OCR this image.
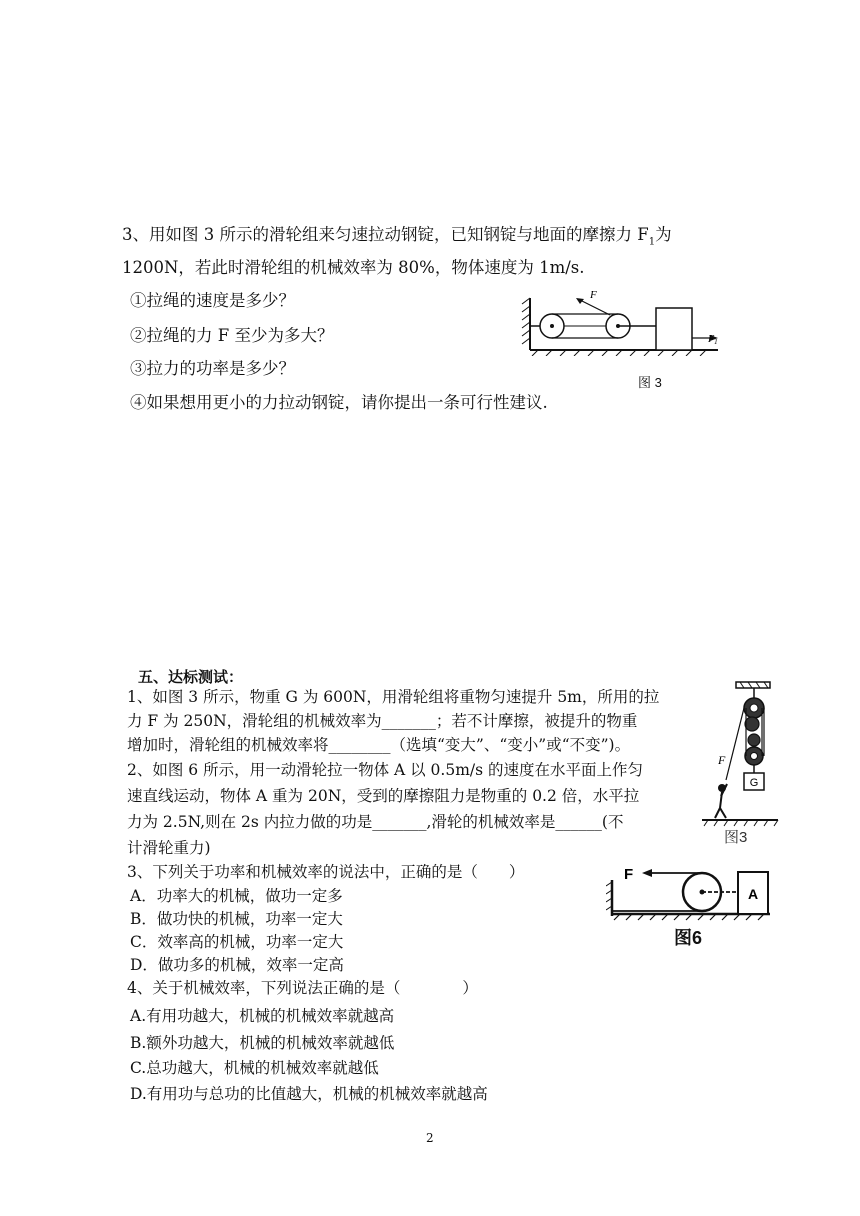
3、用如图 3 所示的滑轮组来匀速拉动钢锭，已知钢锭与地面的摩擦力 $F_1$为
1200N，若此时滑轮组的机械效率为 80%，物体速度为 1m/s.
①拉绳的速度是多少？
②拉绳的力 F 至少为多大？
③拉力的功率是多少？
④如果想用更小的力拉动钢锭，请你提出一条可行性建议.
F
$F_1$
图 3
五、达标测试：
1、如图 3 所示，物重 G 为 600N，用滑轮组将重物匀速提升 5m，所用的拉
力 F 为 250N，滑轮组的机械效率为_______；若不计摩擦，被提升的物重
增加时，滑轮组的机械效率将________（选填“变大”、“变小”或“不变”)。
2、如图 6 所示，用一动滑轮拉一物体 A 以 0.5m/s 的速度在水平面上作匀
速直线运动，物体 A 重为 20N，受到的摩擦阻力是物重的 0.2 倍，水平拉
力为 2.5N,则在 2s 内拉力做的功是_______,滑轮的机械效率是______(不
计滑轮重力)
3、下列关于功率和机械效率的说法中，正确的是（　　）
A．功率大的机械，做功一定多
B．做功快的机械，功率一定大
C．效率高的机械，功率一定大
D．做功多的机械，效率一定高
4、关于机械效率，下列说法正确的是（　　　　）
A.有用功越大，机械的机械效率就越高
B.额外功越大，机械的机械效率就越低
C.总功越大，机械的机械效率就越低
D.有用功与总功的比值越大，机械的机械效率就越高
G
F
图3
F
A
图6
2
